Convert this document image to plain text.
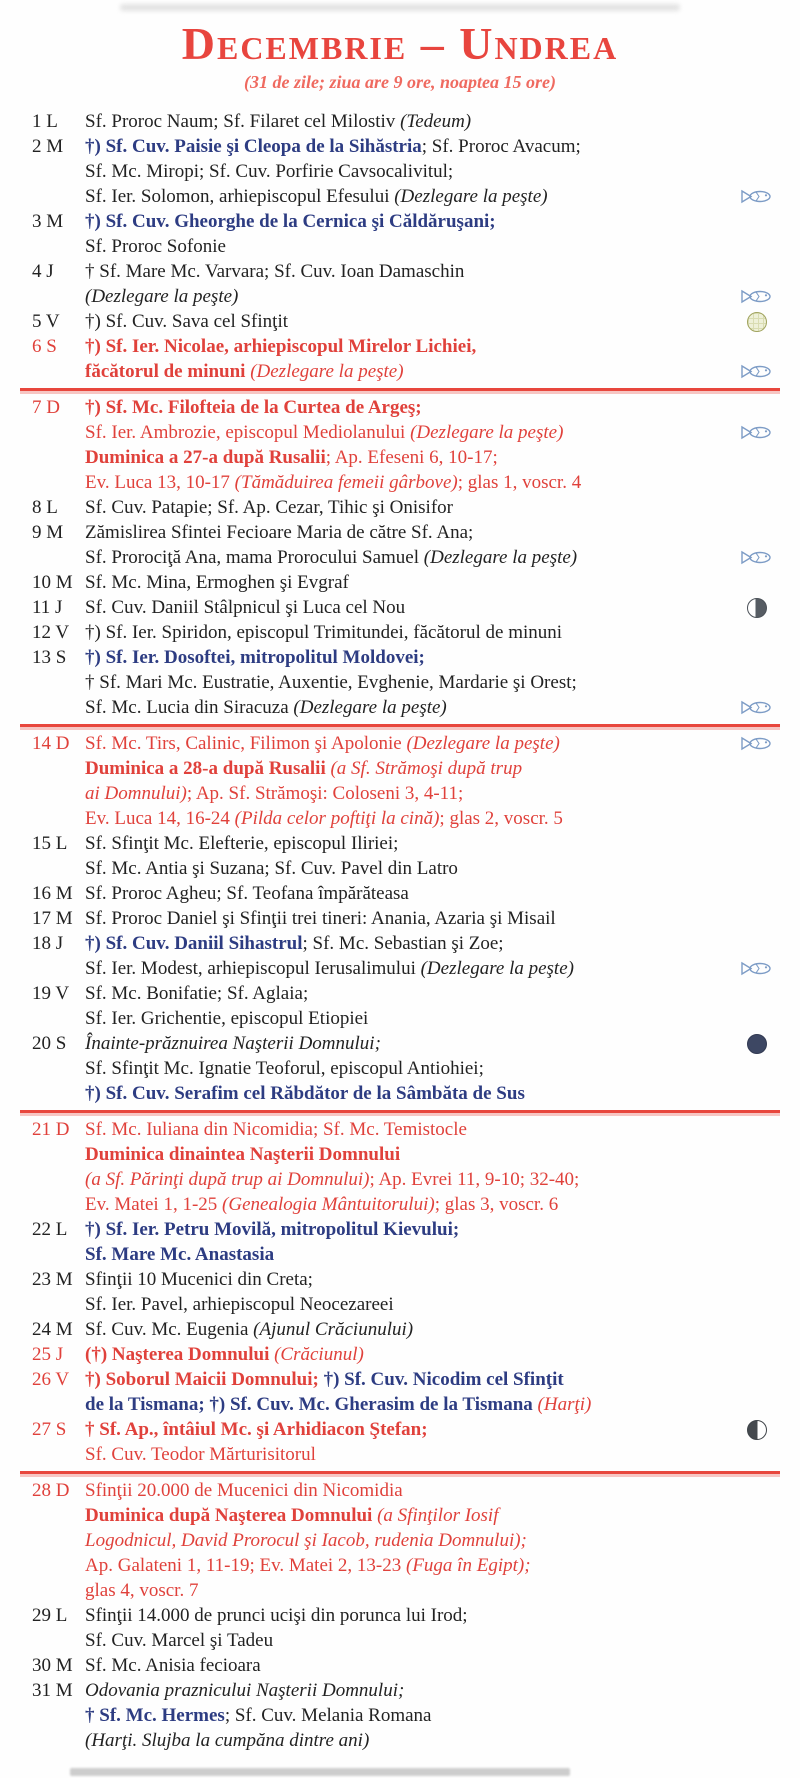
Decembrie – Undrea
(31 de zile; ziua are 9 ore, noaptea 15 ore)
1 L	Sf. Proroc Naum; Sf. Filaret cel Milostiv (Tedeum)
2 M	†) Sf. Cuv. Paisie şi Cleopa de la Sihăstria; Sf. Proroc Avacum;
Sf. Mc. Miropi; Sf. Cuv. Porfirie Cavsocalivitul;
Sf. Ier. Solomon, arhiepiscopul Efesului (Dezlegare la peşte)
3 M	†) Sf. Cuv. Gheorghe de la Cernica şi Căldăruşani;
Sf. Proroc Sofonie
4 J	† Sf. Mare Mc. Varvara; Sf. Cuv. Ioan Damaschin
(Dezlegare la peşte)
5 V	†) Sf. Cuv. Sava cel Sfinţit
6 S	†) Sf. Ier. Nicolae, arhiepiscopul Mirelor Lichiei,
făcătorul de minuni (Dezlegare la peşte)
7 D	†) Sf. Mc. Filofteia de la Curtea de Argeş;
Sf. Ier. Ambrozie, episcopul Mediolanului (Dezlegare la peşte)
Duminica a 27-a după Rusalii; Ap. Efeseni 6, 10-17;
Ev. Luca 13, 10-17 (Tămăduirea femeii gârbove); glas 1, voscr. 4
8 L	Sf. Cuv. Patapie; Sf. Ap. Cezar, Tihic şi Onisifor
9 M	Zămislirea Sfintei Fecioare Maria de către Sf. Ana;
Sf. Prorociţă Ana, mama Prorocului Samuel (Dezlegare la peşte)
10 M Sf. Mc. Mina, Ermoghen şi Evgraf
11 J	Sf. Cuv. Daniil Stâlpnicul şi Luca cel Nou
12 V †) Sf. Ier. Spiridon, episcopul Trimitundei, făcătorul de minuni
13 S †) Sf. Ier. Dosoftei, mitropolitul Moldovei;
† Sf. Mari Mc. Eustratie, Auxentie, Evghenie, Mardarie şi Orest;
Sf. Mc. Lucia din Siracuza (Dezlegare la peşte)
14 D Sf. Mc. Tirs, Calinic, Filimon şi Apolonie (Dezlegare la peşte)
Duminica a 28-a după Rusalii (a Sf. Strămoşi după trup
ai Domnului); Ap. Sf. Strămoşi: Coloseni 3, 4-11;
Ev. Luca 14, 16-24 (Pilda celor poftiţi la cină); glas 2, voscr. 5
15 L Sf. Sfinţit Mc. Elefterie, episcopul Iliriei;
Sf. Mc. Antia şi Suzana; Sf. Cuv. Pavel din Latro
16 M Sf. Proroc Agheu; Sf. Teofana împărăteasa
17 M Sf. Proroc Daniel şi Sfinţii trei tineri: Anania, Azaria şi Misail
18 J	†) Sf. Cuv. Daniil Sihastrul; Sf. Mc. Sebastian şi Zoe;
Sf. Ier. Modest, arhiepiscopul Ierusalimului (Dezlegare la peşte)
19 V Sf. Mc. Bonifatie; Sf. Aglaia;
Sf. Ier. Grichentie, episcopul Etiopiei
20 S Înainte-prăznuirea Naşterii Domnului;
Sf. Sfinţit Mc. Ignatie Teoforul, episcopul Antiohiei;
†) Sf. Cuv. Serafim cel Răbdător de la Sâmbăta de Sus
21 D Sf. Mc. Iuliana din Nicomidia; Sf. Mc. Temistocle
Duminica dinaintea Naşterii Domnului
(a Sf. Părinţi după trup ai Domnului); Ap. Evrei 11, 9-10; 32-40;
Ev. Matei 1, 1-25 (Genealogia Mântuitorului); glas 3, voscr. 6
22 L †) Sf. Ier. Petru Movilă, mitropolitul Kievului;
Sf. Mare Mc. Anastasia
23 M Sfinţii 10 Mucenici din Creta;
Sf. Ier. Pavel, arhiepiscopul Neocezareei
24 M Sf. Cuv. Mc. Eugenia (Ajunul Crăciunului)
25 J	(†) Naşterea Domnului (Crăciunul)
26 V †) Soborul Maicii Domnului; †) Sf. Cuv. Nicodim cel Sfinţit
de la Tismana; †) Sf. Cuv. Mc. Gherasim de la Tismana (Harţi)
27 S † Sf. Ap., întâiul Mc. şi Arhidiacon Ştefan;
Sf. Cuv. Teodor Mărturisitorul
28 D Sfinţii 20.000 de Mucenici din Nicomidia
Duminica după Naşterea Domnului (a Sfinţilor Iosif
Logodnicul, David Prorocul şi Iacob, rudenia Domnului);
Ap. Galateni 1, 11-19; Ev. Matei 2, 13-23 (Fuga în Egipt);
glas 4, voscr. 7
29 L Sfinţii 14.000 de prunci ucişi din porunca lui Irod;
Sf. Cuv. Marcel şi Tadeu
30 M Sf. Mc. Anisia fecioara
31 M Odovania praznicului Naşterii Domnului;
† Sf. Mc. Hermes; Sf. Cuv. Melania Romana
(Harţi. Slujba la cumpăna dintre ani)
